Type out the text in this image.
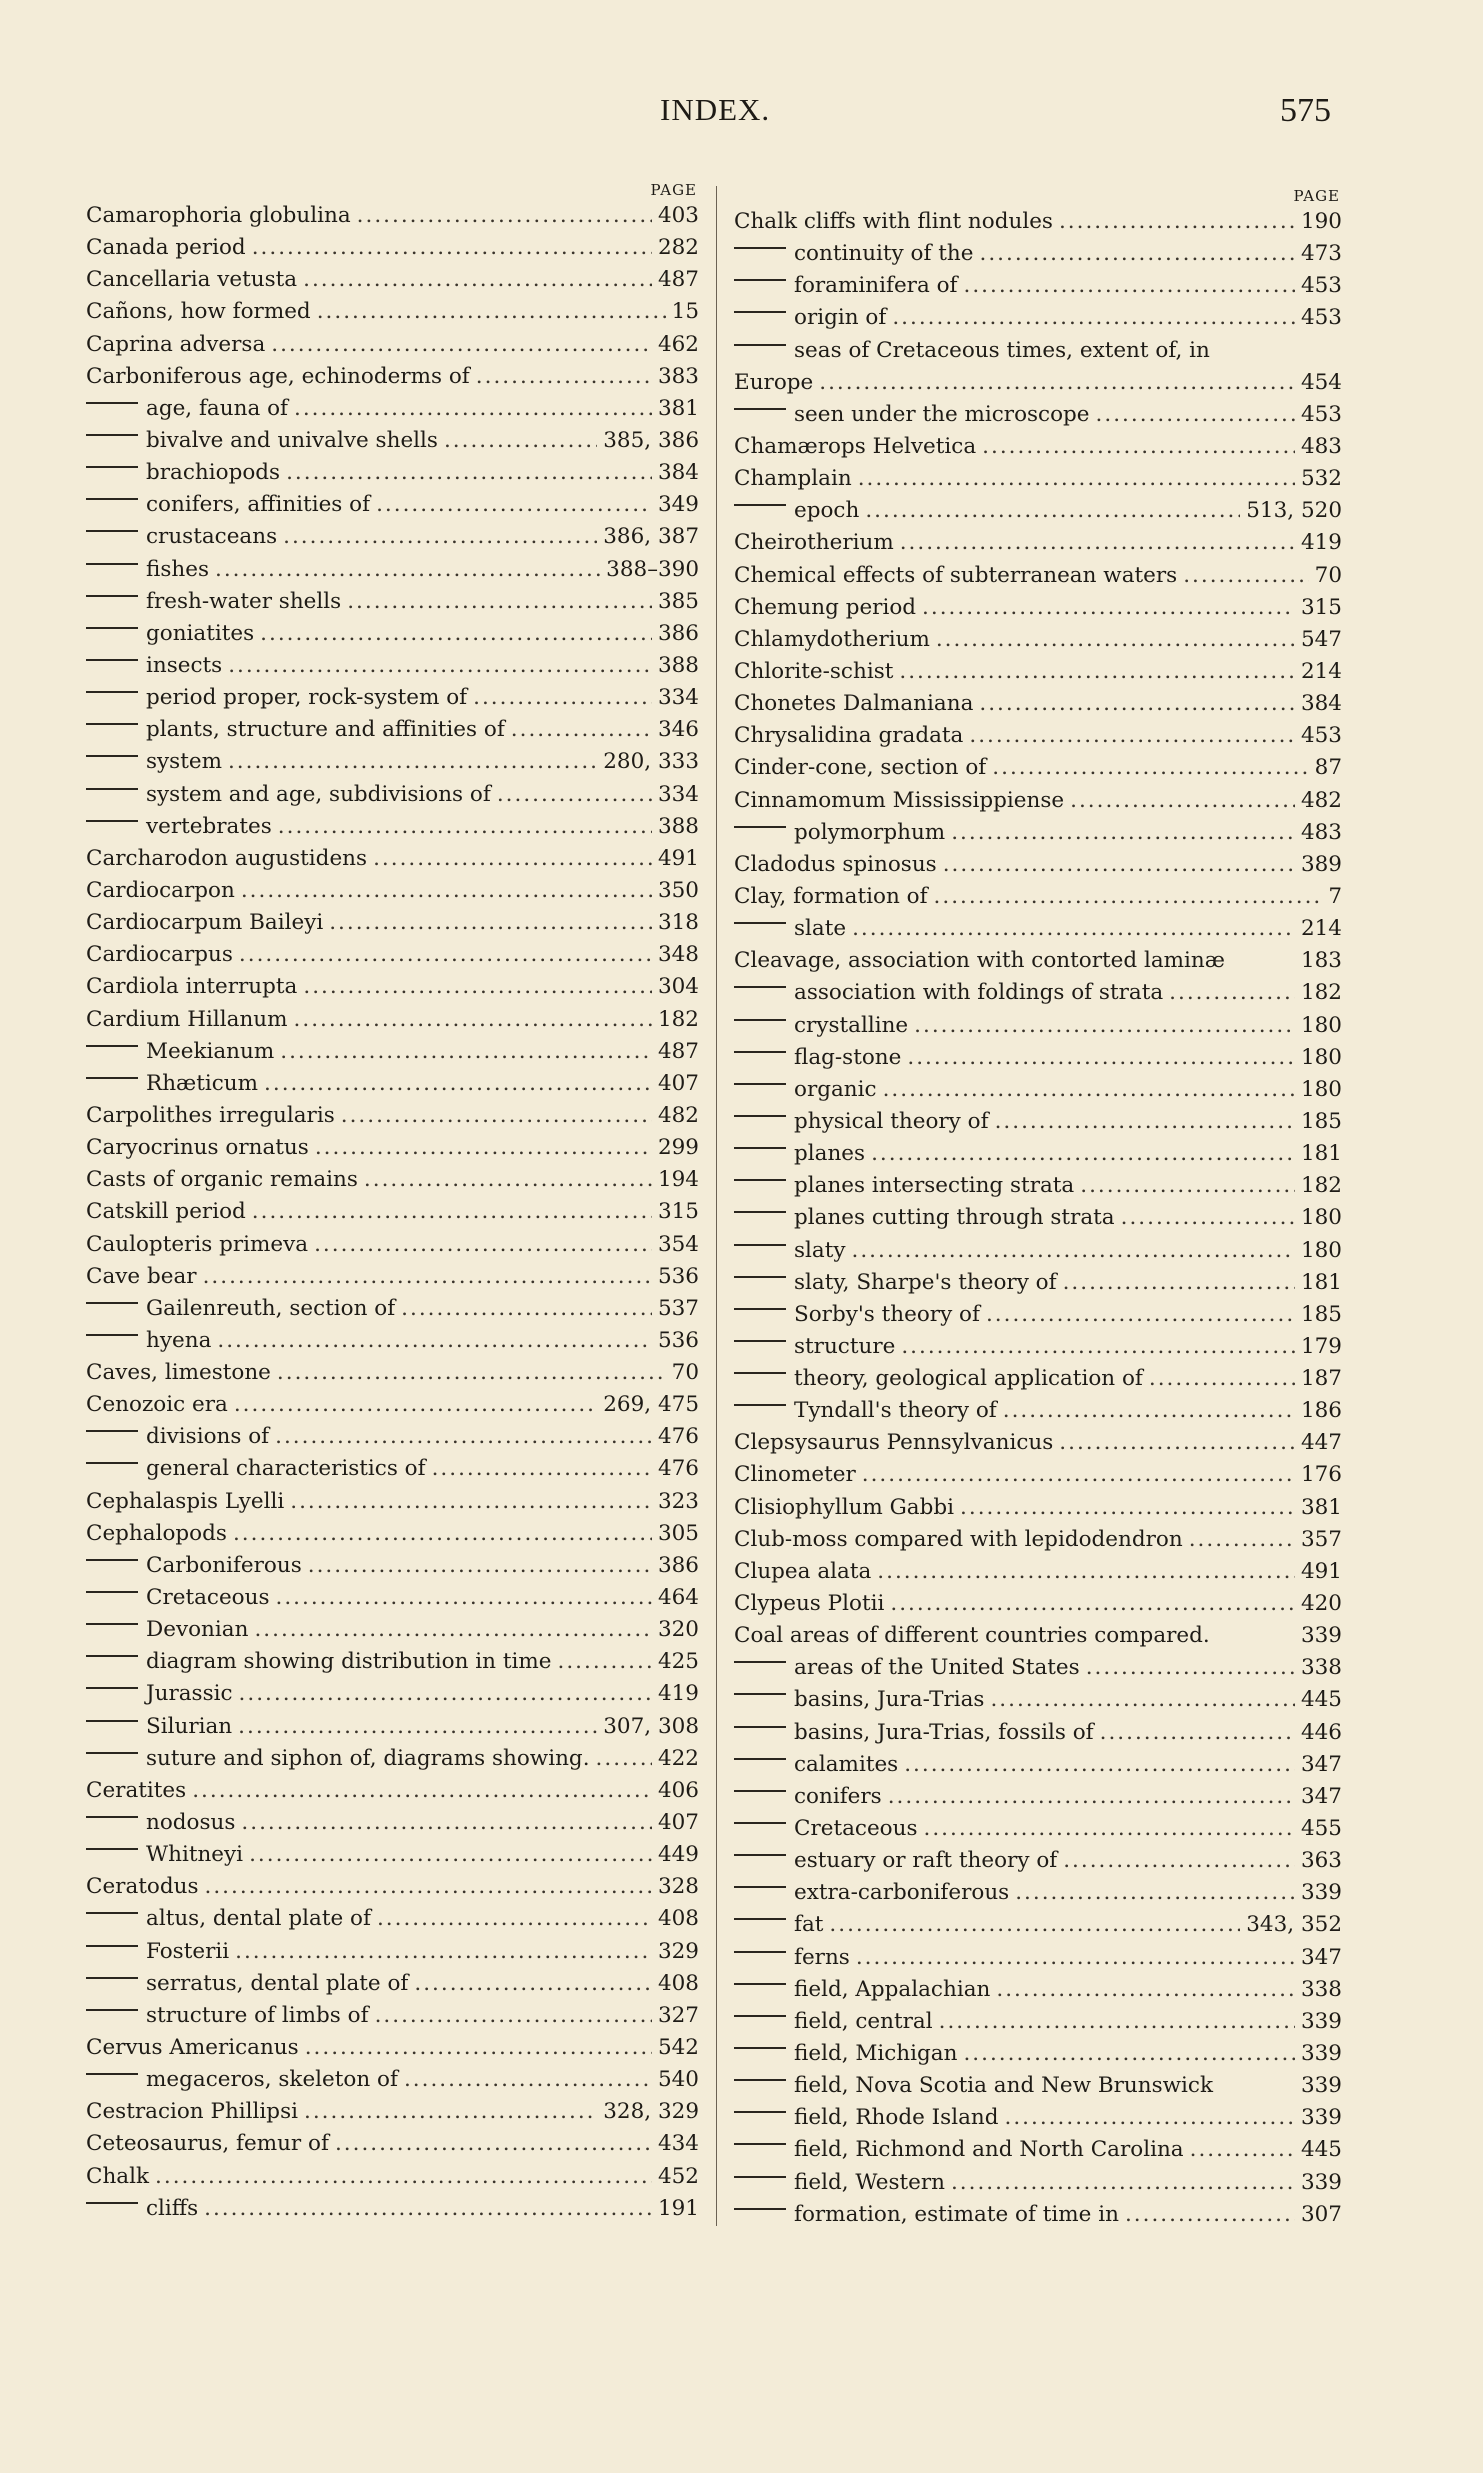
INDEX.	575
PAGE
Camarophoria globulina .....	403
Canada period .....	282
Cancellaria vetusta .....	487
Cañons, how formed .....	15
Caprina adversa .....	462
Carboniferous age, echinoderms of .....	383
age, fauna of .....	381
bivalve and univalve shells .....	385, 386
brachiopods .....	384
conifers, affinities of .....	349
crustaceans .....	386, 387
fishes .....	388–390
fresh-water shells .....	385
goniatites .....	386
insects .....	388
period proper, rock-system of .....	334
plants, structure and affinities of .....	346
system .....	280, 333
system and age, subdivisions of .....	334
vertebrates .....	388
Carcharodon augustidens .....	491
Cardiocarpon .....	350
Cardiocarpum Baileyi .....	318
Cardiocarpus .....	348
Cardiola interrupta .....	304
Cardium Hillanum .....	182
Meekianum .....	487
Rhæticum .....	407
Carpolithes irregularis .....	482
Caryocrinus ornatus .....	299
Casts of organic remains .....	194
Catskill period .....	315
Caulopteris primeva .....	354
Cave bear .....	536
Gailenreuth, section of .....	537
hyena .....	536
Caves, limestone .....	70
Cenozoic era .....	269, 475
divisions of .....	476
general characteristics of .....	476
Cephalaspis Lyelli .....	323
Cephalopods .....	305
Carboniferous .....	386
Cretaceous .....	464
Devonian .....	320
diagram showing distribution in time .....	425
Jurassic .....	419
Silurian .....	307, 308
suture and siphon of, diagrams showing. .....	422
Ceratites .....	406
nodosus .....	407
Whitneyi .....	449
Ceratodus .....	328
altus, dental plate of .....	408
Fosterii .....	329
serratus, dental plate of .....	408
structure of limbs of .....	327
Cervus Americanus .....	542
megaceros, skeleton of .....	540
Cestracion Phillipsi .....	328, 329
Ceteosaurus, femur of .....	434
Chalk .....	452
cliffs .....	191
PAGE
Chalk cliffs with flint nodules .....	190
continuity of the .....	473
foraminifera of .....	453
origin of .....	453
seas of Cretaceous times, extent of, in
Europe .....	454
seen under the microscope .....	453
Chamærops Helvetica .....	483
Champlain .....	532
epoch .....	513, 520
Cheirotherium .....	419
Chemical effects of subterranean waters .....	70
Chemung period .....	315
Chlamydotherium .....	547
Chlorite-schist .....	214
Chonetes Dalmaniana .....	384
Chrysalidina gradata .....	453
Cinder-cone, section of .....	87
Cinnamomum Mississippiense .....	482
polymorphum .....	483
Cladodus spinosus .....	389
Clay, formation of .....	7
slate .....	214
Cleavage, association with contorted laminæ	183
association with foldings of strata .....	182
crystalline .....	180
flag-stone .....	180
organic .....	180
physical theory of .....	185
planes .....	181
planes intersecting strata .....	182
planes cutting through strata .....	180
slaty .....	180
slaty, Sharpe's theory of .....	181
Sorby's theory of .....	185
structure .....	179
theory, geological application of .....	187
Tyndall's theory of .....	186
Clepsysaurus Pennsylvanicus .....	447
Clinometer .....	176
Clisiophyllum Gabbi .....	381
Club-moss compared with lepidodendron .....	357
Clupea alata .....	491
Clypeus Plotii .....	420
Coal areas of different countries compared.	339
areas of the United States .....	338
basins, Jura-Trias .....	445
basins, Jura-Trias, fossils of .....	446
calamites .....	347
conifers .....	347
Cretaceous .....	455
estuary or raft theory of .....	363
extra-carboniferous .....	339
fat .....	343, 352
ferns .....	347
field, Appalachian .....	338
field, central .....	339
field, Michigan .....	339
field, Nova Scotia and New Brunswick	339
field, Rhode Island .....	339
field, Richmond and North Carolina .....	445
field, Western .....	339
formation, estimate of time in .....	307
